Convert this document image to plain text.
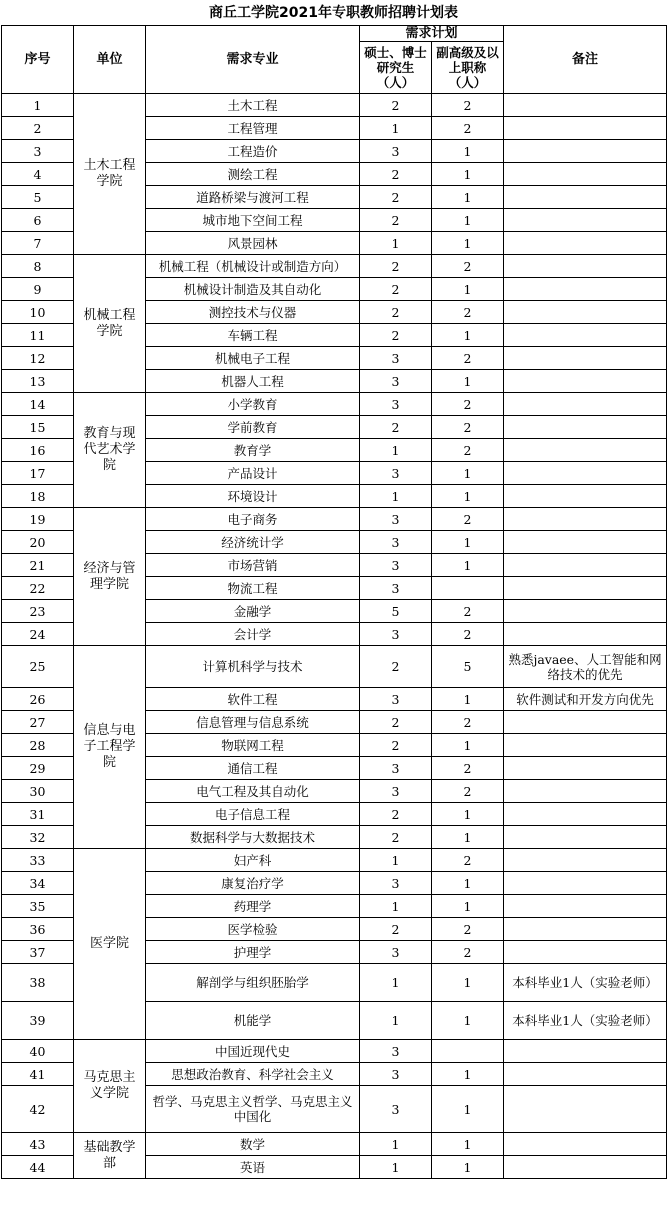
商丘工学院2021年专职教师招聘计划表
序号	单位	需求专业	需求计划		备注
			硕士、博士研究生（人）	副高级及以上职称（人）	
1	土木工程学院	土木工程	2	2	
2		工程管理	1	2	
3		工程造价	3	1	
4		测绘工程	2	1	
5		道路桥梁与渡河工程	2	1	
6		城市地下空间工程	2	1	
7		风景园林	1	1	
8	机械工程学院	机械工程（机械设计或制造方向）	2	2	
9		机械设计制造及其自动化	2	1	
10		测控技术与仪器	2	2	
11		车辆工程	2	1	
12		机械电子工程	3	2	
13		机器人工程	3	1	
14	教育与现代艺术学院	小学教育	3	2	
15		学前教育	2	2	
16		教育学	1	2	
17		产品设计	3	1	
18		环境设计	1	1	
19	经济与管理学院	电子商务	3	2	
20		经济统计学	3	1	
21		市场营销	3	1	
22		物流工程	3		
23		金融学	5	2	
24		会计学	3	2	
25	信息与电子工程学院	计算机科学与技术	2	5	熟悉javaee、人工智能和网络技术的优先
26		软件工程	3	1	软件测试和开发方向优先
27		信息管理与信息系统	2	2	
28		物联网工程	2	1	
29		通信工程	3	2	
30		电气工程及其自动化	3	2	
31		电子信息工程	2	1	
32		数据科学与大数据技术	2	1	
33	医学院	妇产科	1	2	
34		康复治疗学	3	1	
35		药理学	1	1	
36		医学检验	2	2	
37		护理学	3	2	
38		解剖学与组织胚胎学	1	1	本科毕业1人（实验老师）
39		机能学	1	1	本科毕业1人（实验老师）
40	马克思主义学院	中国近现代史	3		
41		思想政治教育、科学社会主义	3	1	
42		哲学、马克思主义哲学、马克思主义中国化	3	1	
43	基础教学部	数学	1	1	
44		英语	1	1	
